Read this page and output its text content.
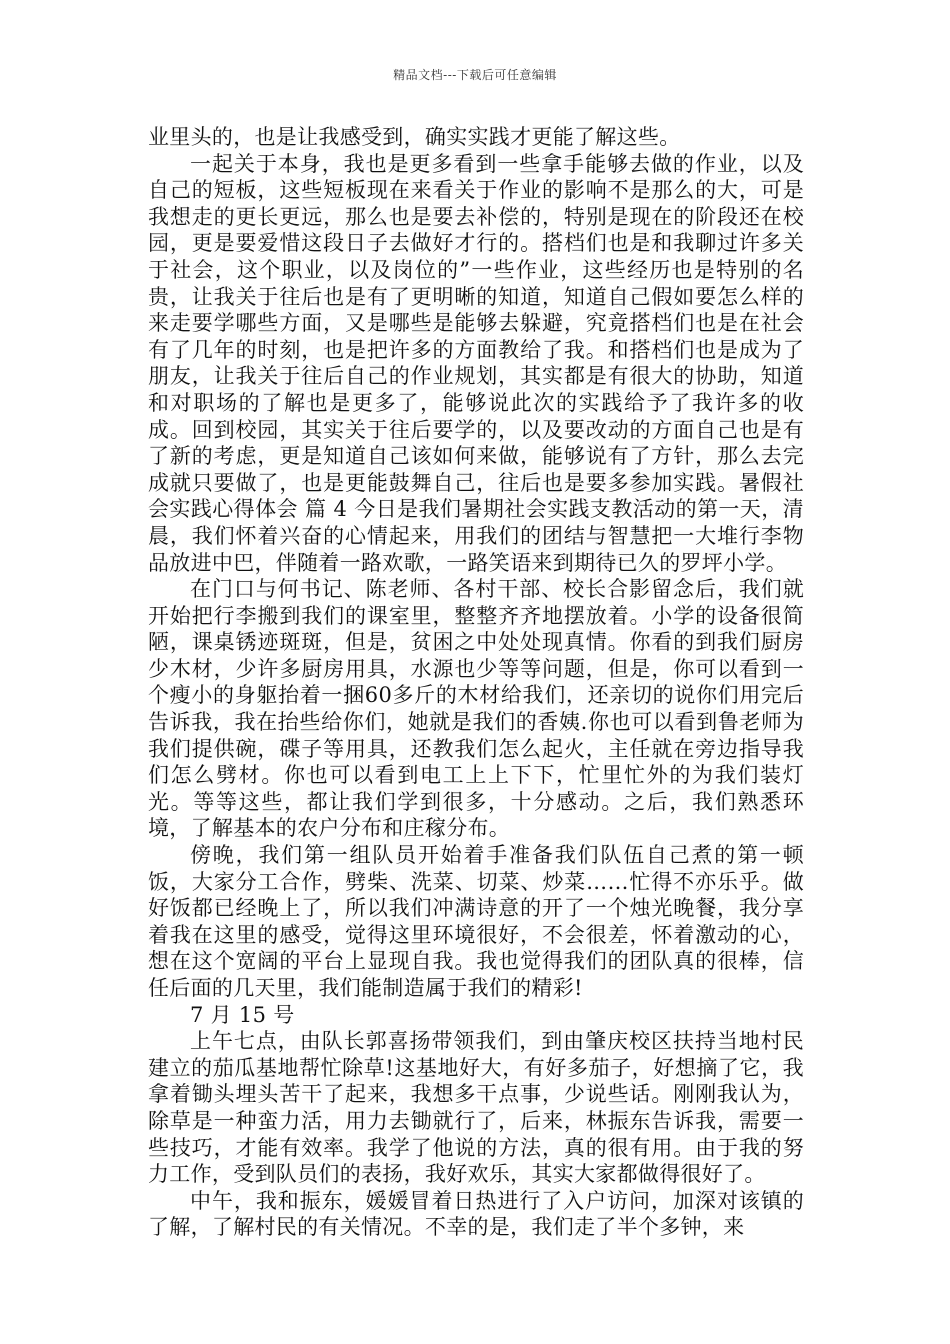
精品文档---下载后可任意编辑

业里头的，也是让我感受到，确实实践才更能了解这些。

一起关于本身，我也是更多看到一些拿手能够去做的作业，以及自己的短板，这些短板现在来看关于作业的影响不是那么的大，可是我想走的更长更远，那么也是要去补偿的，特别是现在的阶段还在校园，更是要爱惜这段日子去做好才行的。搭档们也是和我聊过许多关于社会，这个职业，以及岗位的”一些作业，这些经历也是特别的名贵，让我关于往后也是有了更明晰的知道，知道自己假如要怎么样的来走要学哪些方面，又是哪些是能够去躲避，究竟搭档们也是在社会有了几年的时刻，也是把许多的方面教给了我。和搭档们也是成为了朋友，让我关于往后自己的作业规划，其实都是有很大的协助，知道和对职场的了解也是更多了，能够说此次的实践给予了我许多的收成。回到校园，其实关于往后要学的，以及要改动的方面自己也是有了新的考虑，更是知道自己该如何来做，能够说有了方针，那么去完成就只要做了，也是更能鼓舞自己，往后也是要多参加实践。暑假社会实践心得体会 篇 4 今日是我们暑期社会实践支教活动的第一天，清晨，我们怀着兴奋的心情起来，用我们的团结与智慧把一大堆行李物品放进中巴，伴随着一路欢歌，一路笑语来到期待已久的罗坪小学。

在门口与何书记、陈老师、各村干部、校长合影留念后，我们就开始把行李搬到我们的课室里，整整齐齐地摆放着。小学的设备很简陋，课桌锈迹斑斑，但是，贫困之中处处现真情。你看的到我们厨房少木材，少许多厨房用具，水源也少等等问题，但是，你可以看到一个瘦小的身躯抬着一捆60多斤的木材给我们，还亲切的说你们用完后告诉我，我在抬些给你们，她就是我们的香姨.你也可以看到鲁老师为我们提供碗，碟子等用具，还教我们怎么起火，主任就在旁边指导我们怎么劈材。你也可以看到电工上上下下，忙里忙外的为我们装灯光。等等这些，都让我们学到很多，十分感动。之后，我们熟悉环境，了解基本的农户分布和庄稼分布。

傍晚，我们第一组队员开始着手准备我们队伍自己煮的第一顿饭，大家分工合作，劈柴、洗菜、切菜、炒菜……忙得不亦乐乎。做好饭都已经晚上了，所以我们冲满诗意的开了一个烛光晚餐，我分享着我在这里的感受，觉得这里环境很好，不会很差，怀着激动的心，想在这个宽阔的平台上显现自我。我也觉得我们的团队真的很棒，信任后面的几天里，我们能制造属于我们的精彩!

7 月 15 号

上午七点，由队长郭喜扬带领我们，到由肇庆校区扶持当地村民建立的茄瓜基地帮忙除草!这基地好大，有好多茄子，好想摘了它，我拿着锄头埋头苦干了起来，我想多干点事，少说些话。刚刚我认为，除草是一种蛮力活，用力去锄就行了，后来，林振东告诉我，需要一些技巧，才能有效率。我学了他说的方法，真的很有用。由于我的努力工作，受到队员们的表扬，我好欢乐，其实大家都做得很好了。

中午，我和振东，媛媛冒着日热进行了入户访问，加深对该镇的了解，了解村民的有关情况。不幸的是，我们走了半个多钟，来
